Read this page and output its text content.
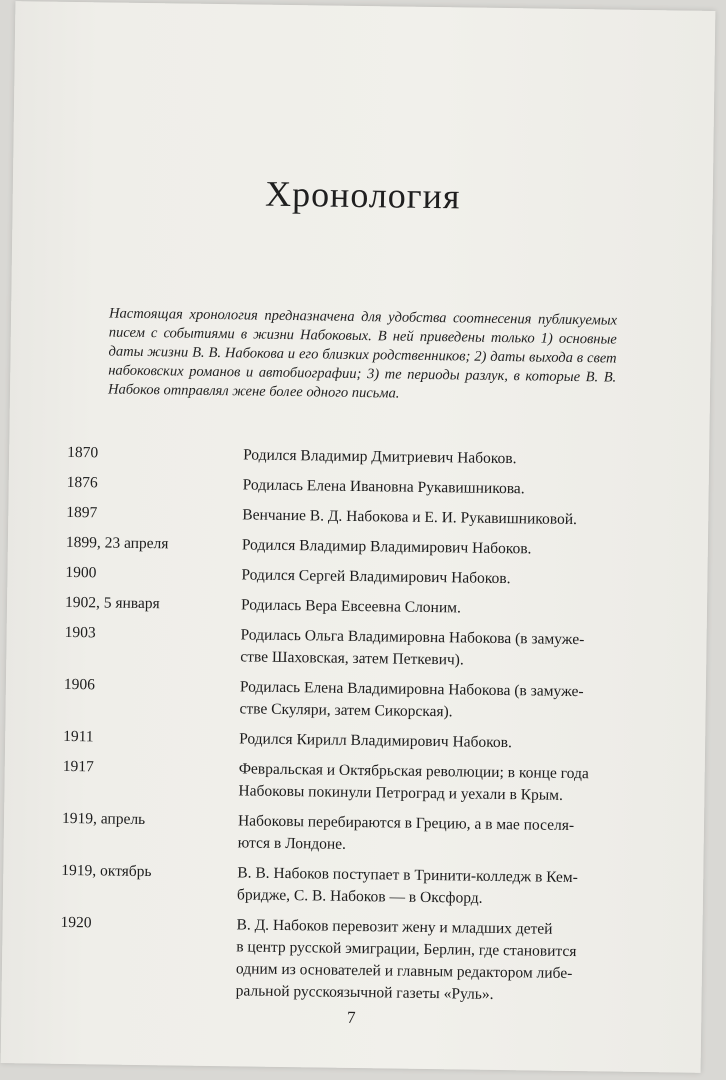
Хронология

Настоящая хронология предназначена для удобства соотнесения публикуемых писем с событиями в жизни Набоковых. В ней приведены только 1) основные даты жизни В. В. Набокова и его близких родственников; 2) даты выхода в свет набоковских романов и автобиографии; 3) те периоды разлук, в которые В. В. Набоков отправлял жене более одного письма.

1870	Родился Владимир Дмитриевич Набоков.
1876	Родилась Елена Ивановна Рукавишникова.
1897	Венчание В. Д. Набокова и Е. И. Рукавишниковой.
1899, 23 апреля	Родился Владимир Владимирович Набоков.
1900	Родился Сергей Владимирович Набоков.
1902, 5 января	Родилась Вера Евсеевна Слоним.
1903	Родилась Ольга Владимировна Набокова (в замуже-
стве Шаховская, затем Петкевич).
1906	Родилась Елена Владимировна Набокова (в замуже-
стве Скуляри, затем Сикорская).
1911	Родился Кирилл Владимирович Набоков.
1917	Февральская и Октябрьская революции; в конце года
Набоковы покинули Петроград и уехали в Крым.
1919, апрель	Набоковы перебираются в Грецию, а в мае поселя-
ются в Лондоне.
1919, октябрь	В. В. Набоков поступает в Тринити-колледж в Кем-
бридже, С. В. Набоков — в Оксфорд.
1920	В. Д. Набоков перевозит жену и младших детей
в центр русской эмиграции, Берлин, где становится
одним из основателей и главным редактором либе-
ральной русскоязычной газеты «Руль».
7
